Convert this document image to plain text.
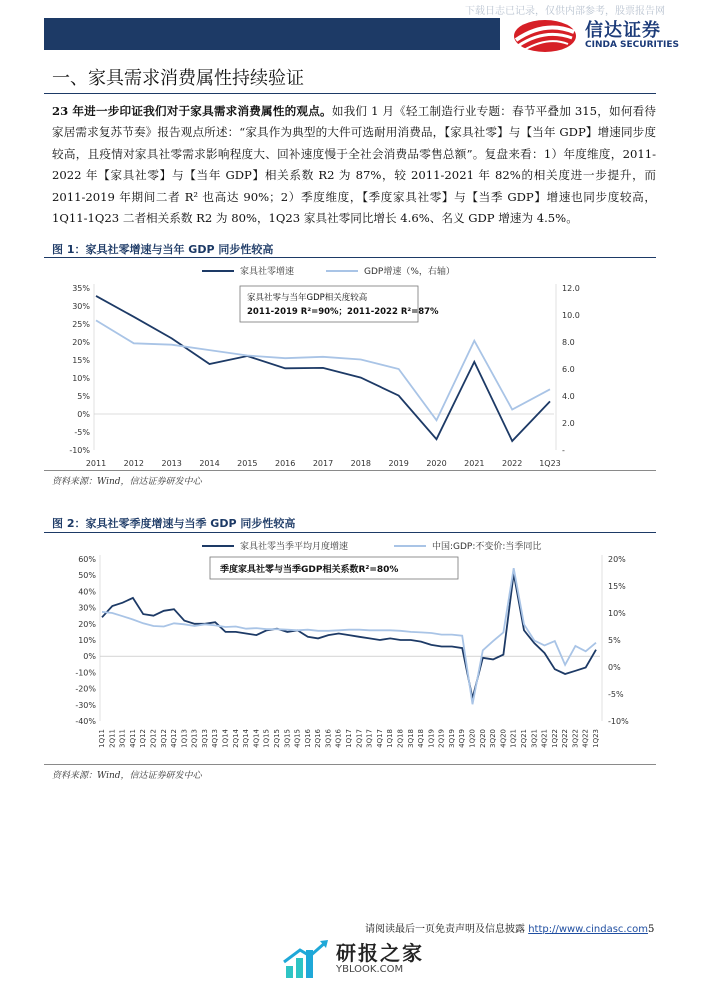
下载日志已记录，仅供内部参考，股票报告网
信达证券
CINDA SECURITIES
一、家具需求消费属性持续验证
23 年进一步印证我们对于家具需求消费属性的观点。如我们 1 月《轻工制造行业专题：春节平叠加 315，如何看待家居需求复苏节奏》报告观点所述：“家具作为典型的大件可选耐用消费品，【家具社零】与【当年 GDP】增速同步度较高，且疫情对家具社零需求影响程度大、回补速度慢于全社会消费品零售总额”。复盘来看：1）年度维度，2011-2022 年【家具社零】与【当年 GDP】相关系数 R2 为 87%，较 2011-2021 年 82%的相关度进一步提升，而 2011-2019 年期间二者 R² 也高达 90%；2）季度维度，【季度家具社零】与【当季 GDP】增速也同步度较高，1Q11-1Q23 二者相关系数 R2 为 80%，1Q23 家具社零同比增长 4.6%、名义 GDP 增速为 4.5%。
图 1：家具社零增速与当年 GDP 同步性较高
家具社零增速	GDP增速（%，右轴）
家具社零与当年GDP相关度较高
2011-2019 R²=90%；2011-2022 R²=87%
-10%
-5%
0%
5%
10%
15%
20%
25%
30%
35%
-
2.0
4.0
6.0
8.0
10.0
12.0
2011 2012 2013 2014 2015 2016 2017 2018 2019 2020 2021 2022 1Q23
资料来源：Wind，信达证券研发中心
图 2：家具社零季度增速与当季 GDP 同步性较高
家具社零当季平均月度增速	中国:GDP:不变价:当季同比
季度家具社零与当季GDP相关系数R²=80%
-40%
-30%
-20%
-10%
0%
10%
20%
30%
40%
50%
60%
-10%
-5%
0%
5%
10%
15%
20%
1Q11 2Q11 3Q11 4Q11 1Q12 2Q12 3Q12 4Q12 1Q13 2Q13 3Q13 4Q13 1Q14 2Q14 3Q14 4Q14 1Q15 2Q15 3Q15 4Q15 1Q16 2Q16 3Q16 4Q16 1Q17 2Q17 3Q17 4Q17 1Q18 2Q18 3Q18 4Q18 1Q19 2Q19 3Q19 4Q19 1Q20 2Q20 3Q20 4Q20 1Q21 2Q21 3Q21 4Q21 1Q22 2Q22 3Q22 4Q22 1Q23
资料来源：Wind，信达证券研发中心
请阅读最后一页免责声明及信息披露 http://www.cindasc.com5
研报之家
YBLOOK.COM
